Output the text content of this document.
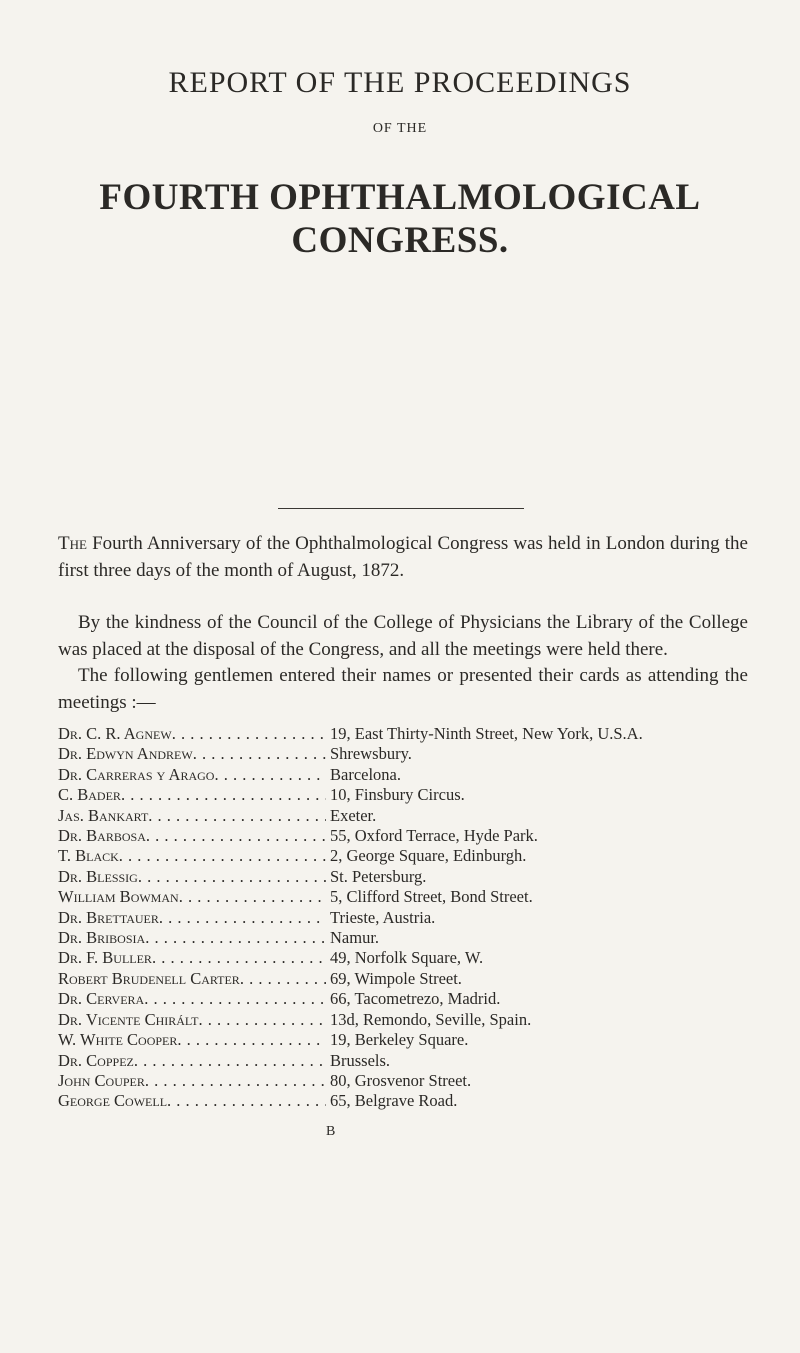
REPORT OF THE PROCEEDINGS
OF THE
FOURTH OPHTHALMOLOGICAL CONGRESS.

The Fourth Anniversary of the Ophthalmological Congress was held in London during the first three days of the month of August, 1872.

By the kindness of the Council of the College of Physicians the Library of the College was placed at the disposal of the Congress, and all the meetings were held there.

The following gentlemen entered their names or presented their cards as attending the meetings :—

Dr. C. R. Agnew . . .	19, East Thirty-Ninth Street, New York, U.S.A.
Dr. Edwyn Andrew . . .	Shrewsbury.
Dr. Carreras y Arago . . .	Barcelona.
C. Bader . . .	10, Finsbury Circus.
Jas. Bankart . . .	Exeter.
Dr. Barbosa . . .	55, Oxford Terrace, Hyde Park.
T. Black . . .	2, George Square, Edinburgh.
Dr. Blessig . . .	St. Petersburg.
William Bowman . . .	5, Clifford Street, Bond Street.
Dr. Brettauer . . .	Trieste, Austria.
Dr. Bribosia . . .	Namur.
Dr. F. Buller . . .	49, Norfolk Square, W.
Robert Brudenell Carter . . .	69, Wimpole Street.
Dr. Cervera . . .	66, Tacometrezo, Madrid.
Dr. Vicente Chirált . . .	13d, Remondo, Seville, Spain.
W. White Cooper . . .	19, Berkeley Square.
Dr. Coppez . . .	Brussels.
John Couper . . .	80, Grosvenor Street.
George Cowell . . .	65, Belgrave Road.
B
